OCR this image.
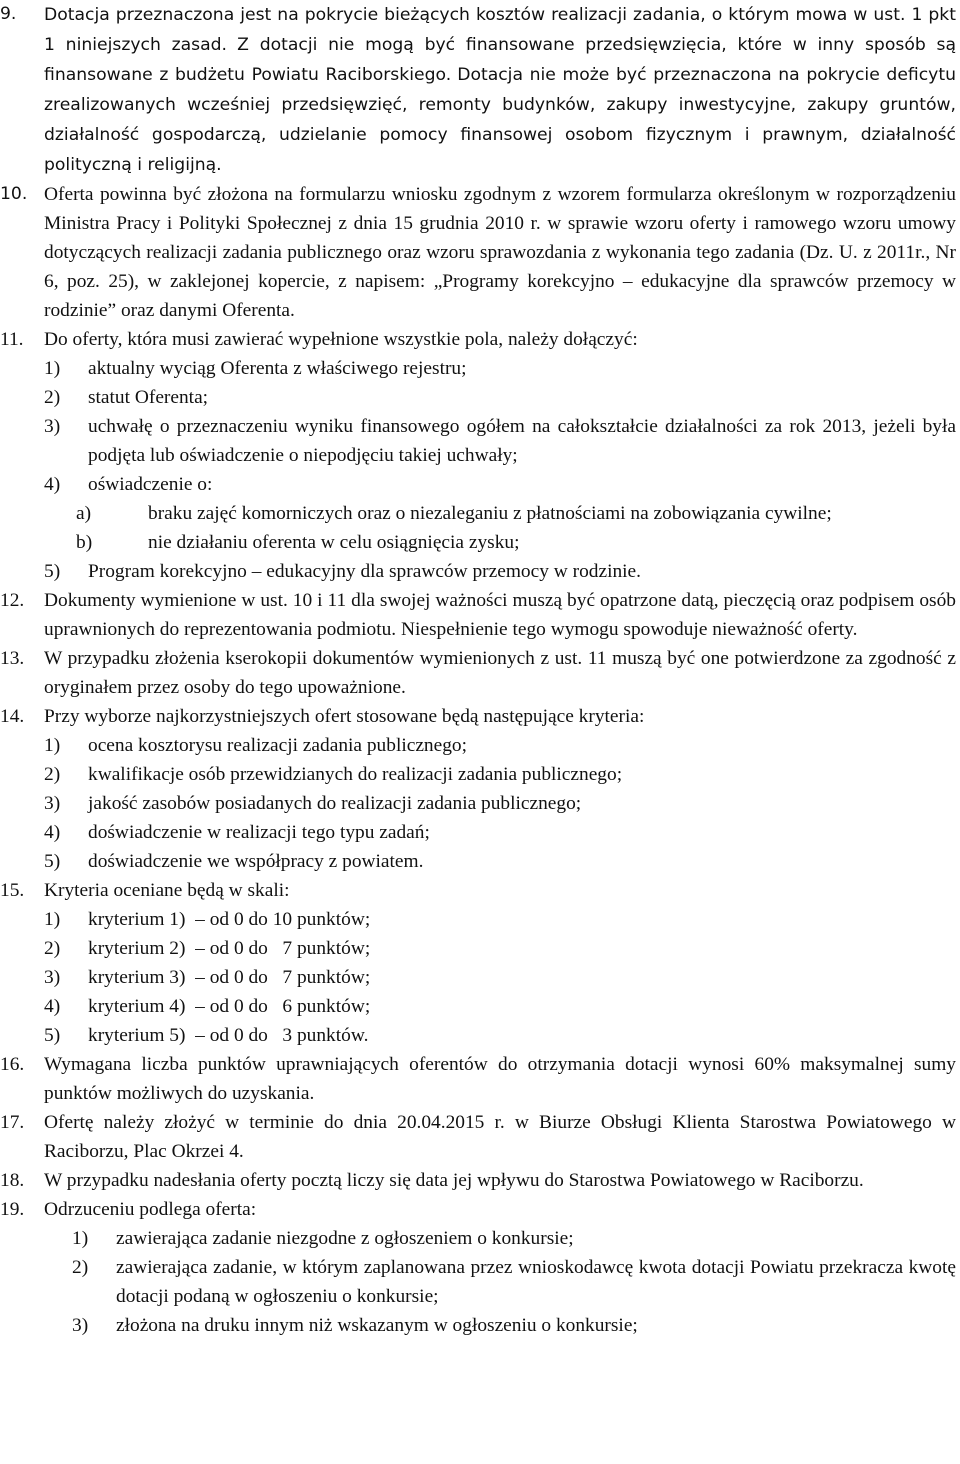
9. Dotacja przeznaczona jest na pokrycie bieżących kosztów realizacji zadania, o którym mowa w ust. 1 pkt 1 niniejszych zasad. Z dotacji nie mogą być finansowane przedsięwzięcia, które w inny sposób są finansowane z budżetu Powiatu Raciborskiego. Dotacja nie może być przeznaczona na pokrycie deficytu zrealizowanych wcześniej przedsięwzięć, remonty budynków, zakupy inwestycyjne, zakupy gruntów, działalność gospodarczą, udzielanie pomocy finansowej osobom fizycznym i prawnym, działalność polityczną i religijną.

10. Oferta powinna być złożona na formularzu wniosku zgodnym z wzorem formularza określonym w rozporządzeniu Ministra Pracy i Polityki Społecznej z dnia 15 grudnia 2010 r. w sprawie wzoru oferty i ramowego wzoru umowy dotyczących realizacji zadania publicznego oraz wzoru sprawozdania z wykonania tego zadania (Dz. U. z 2011r., Nr 6, poz. 25), w zaklejonej kopercie, z napisem: „Programy korekcyjno – edukacyjne dla sprawców przemocy w rodzinie” oraz danymi Oferenta.

11. Do oferty, która musi zawierać wypełnione wszystkie pola, należy dołączyć:

1) aktualny wyciąg Oferenta z właściwego rejestru;
2) statut Oferenta;
3) uchwałę o przeznaczeniu wyniku finansowego ogółem na całokształcie działalności za rok 2013, jeżeli była podjęta lub oświadczenie o niepodjęciu takiej uchwały;
4) oświadczenie o:
a)	braku zajęć komorniczych oraz o niezaleganiu z płatnościami na zobowiązania cywilne;
b)	nie działaniu oferenta w celu osiągnięcia zysku;
5) Program korekcyjno – edukacyjny dla sprawców przemocy w rodzinie.
12. Dokumenty wymienione w ust. 10 i 11 dla swojej ważności muszą być opatrzone datą, pieczęcią oraz podpisem osób uprawnionych do reprezentowania podmiotu. Niespełnienie tego wymogu spowoduje nieważność oferty.

13. W przypadku złożenia kserokopii dokumentów wymienionych z ust. 11 muszą być one potwierdzone za zgodność z oryginałem przez osoby do tego upoważnione.

14. Przy wyborze najkorzystniejszych ofert stosowane będą następujące kryteria:

1) ocena kosztorysu realizacji zadania publicznego;
2) kwalifikacje osób przewidzianych do realizacji zadania publicznego;
3) jakość zasobów posiadanych do realizacji zadania publicznego;
4) doświadczenie w realizacji tego typu zadań;
5) doświadczenie we współpracy z powiatem.
15. Kryteria oceniane będą w skali:

1) kryterium 1)  – od 0 do 10 punktów;
2) kryterium 2)  – od 0 do   7 punktów;
3) kryterium 3)  – od 0 do   7 punktów;
4) kryterium 4)  – od 0 do   6 punktów;
5) kryterium 5)  – od 0 do   3 punktów.
16. Wymagana liczba punktów uprawniających oferentów do otrzymania dotacji wynosi 60% maksymalnej sumy punktów możliwych do uzyskania.

17. Ofertę należy złożyć w terminie do dnia 20.04.2015 r. w Biurze Obsługi Klienta Starostwa Powiatowego w Raciborzu, Plac Okrzei 4.

18. W przypadku nadesłania oferty pocztą liczy się data jej wpływu do Starostwa Powiatowego w Raciborzu.

19. Odrzuceniu podlega oferta:

1) zawierająca zadanie niezgodne z ogłoszeniem o konkursie;
2) zawierająca zadanie, w którym zaplanowana przez wnioskodawcę kwota dotacji Powiatu przekracza kwotę dotacji podaną w ogłoszeniu o konkursie;
3) złożona na druku innym niż wskazanym w ogłoszeniu o konkursie;
